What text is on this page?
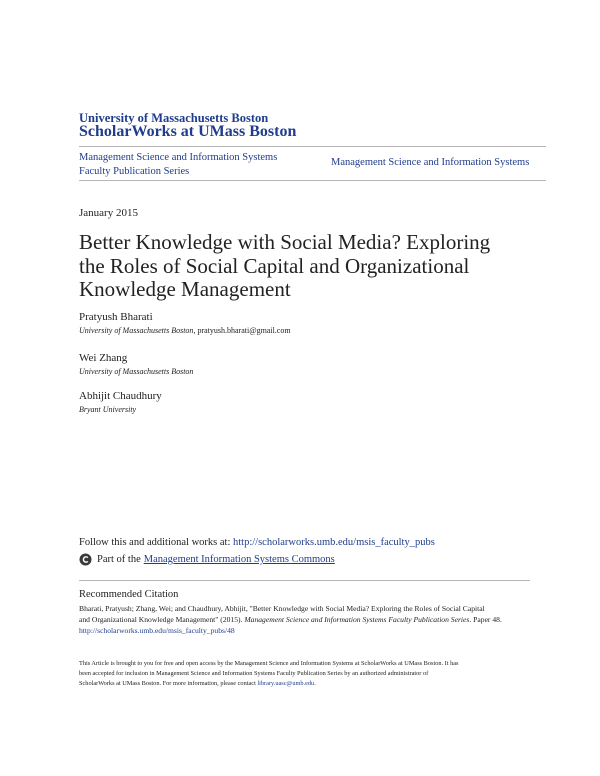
University of Massachusetts Boston
ScholarWorks at UMass Boston
Management Science and Information Systems
Faculty Publication Series
Management Science and Information Systems
January 2015
Better Knowledge with Social Media? Exploring the Roles of Social Capital and Organizational Knowledge Management
Pratyush Bharati
University of Massachusetts Boston, pratyush.bharati@gmail.com
Wei Zhang
University of Massachusetts Boston
Abhijit Chaudhury
Bryant University
Follow this and additional works at: http://scholarworks.umb.edu/msis_faculty_pubs
Part of the Management Information Systems Commons
Recommended Citation
Bharati, Pratyush; Zhang, Wei; and Chaudhury, Abhijit, "Better Knowledge with Social Media? Exploring the Roles of Social Capital
and Organizational Knowledge Management" (2015). Management Science and Information Systems Faculty Publication Series. Paper 48.
http://scholarworks.umb.edu/msis_faculty_pubs/48
This Article is brought to you for free and open access by the Management Science and Information Systems at ScholarWorks at UMass Boston. It has
been accepted for inclusion in Management Science and Information Systems Faculty Publication Series by an authorized administrator of
ScholarWorks at UMass Boston. For more information, please contact library.uasc@umb.edu.
